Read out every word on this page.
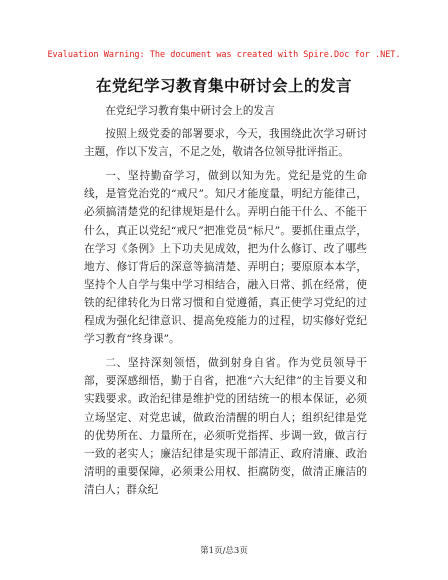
Evaluation Warning: The document was created with Spire.Doc for .NET.
在党纪学习教育集中研讨会上的发言

在党纪学习教育集中研讨会上的发言

按照上级党委的部署要求，今天，我围绕此次学习研讨主题，作以下发言，不足之处，敬请各位领导批评指正。

一、坚持勤奋学习，做到以知为先。党纪是党的生命线，是管党治党的“戒尺”。知尺才能度量，明纪方能律己，必须搞清楚党的纪律规矩是什么。弄明白能干什么、不能干什么，真正以党纪“戒尺”把准党员“标尺”。要抓住重点学，在学习《条例》上下功夫见成效，把为什么修订、改了哪些地方、修订背后的深意等搞清楚、弄明白；要原原本本学，坚持个人自学与集中学习相结合，融入日常、抓在经常，使铁的纪律转化为日常习惯和自觉遵循，真正使学习党纪的过程成为强化纪律意识、提高免疫能力的过程，切实修好党纪学习教育“终身课”。

二、坚持深刻领悟，做到射身自省。作为党员领导干部，要深感细悟，勤于自省，把准“六大纪律”的主旨要义和实践要求。政治纪律是维护党的团结统一的根本保证，必须立场坚定、对党忠诚，做政治清醒的明白人；组织纪律是党的优势所在、力量所在，必须听党指挥、步调一致，做言行一致的老实人；廉洁纪律是实现干部清正、政府清廉、政治清明的重要保障，必须秉公用权、拒腐防变，做清正廉洁的清白人；群众纪

第1页/总3页
